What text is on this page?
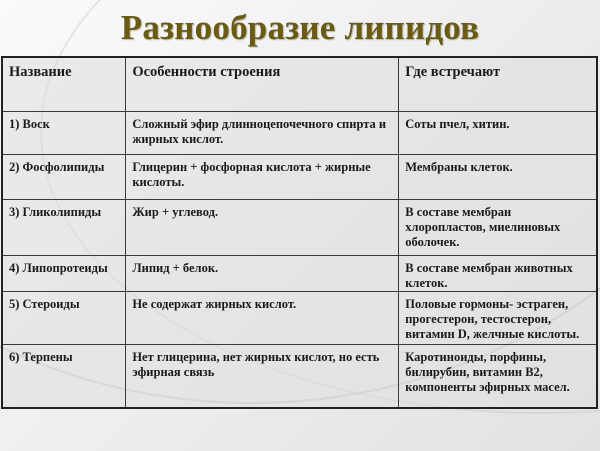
Разнообразие липидов
Название	Особенности строения	Где встречают
1) Воск	Сложный эфир длинноцепочечного спирта и жирных кислот.	Соты пчел, хитин.
2) Фосфолипиды	Глицерин + фосфорная кислота + жирные кислоты.	Мембраны клеток.
3) Гликолипиды	Жир + углевод.	В составе мембран хлоропластов, миелиновых оболочек.
4) Липопротеиды	Липид + белок.	В составе мембран животных клеток.
5) Стероиды	Не содержат жирных кислот.	Половые гормоны- эстраген, прогестерон, тестостерон, витамин D, желчные кислоты.
6) Терпены	Нет глицерина, нет жирных кислот, но есть эфирная связь	Каротиноиды, порфины, билирубин, витамин В2, компоненты эфирных масел.
